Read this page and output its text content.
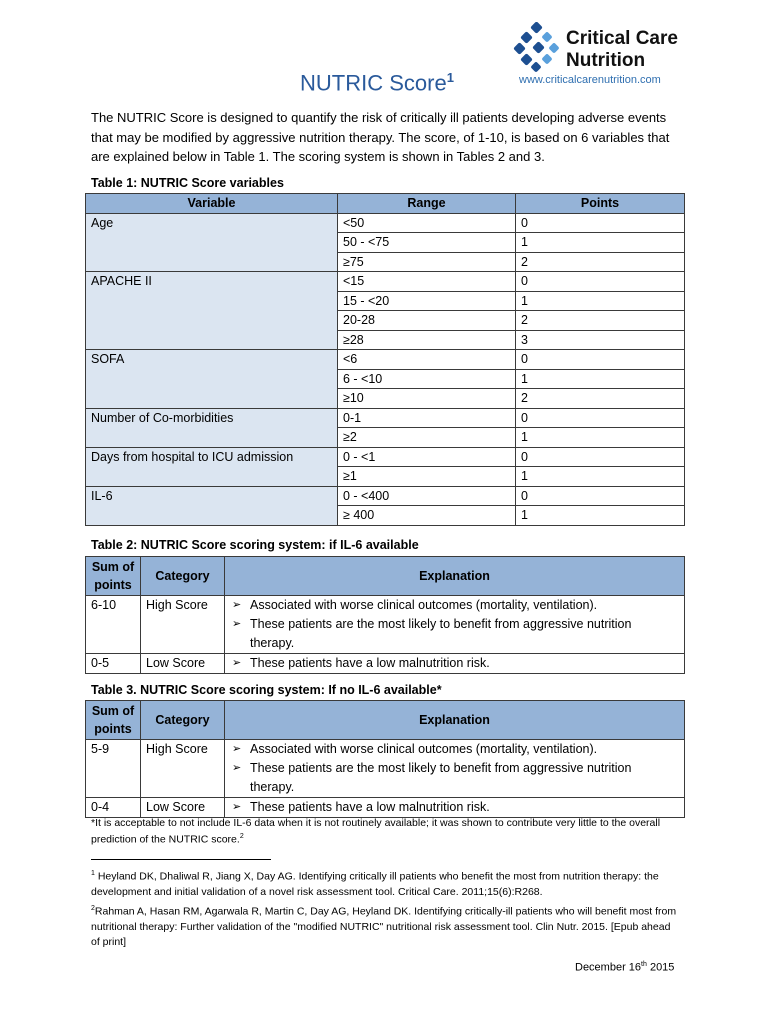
Critical Care Nutrition
www.criticalcarenutrition.com
NUTRIC Score$^1$
The NUTRIC Score is designed to quantify the risk of critically ill patients developing adverse events that may be modified by aggressive nutrition therapy. The score, of 1-10, is based on 6 variables that are explained below in Table 1. The scoring system is shown in Tables 2 and 3.
Table 1: NUTRIC Score variables
Variable	Range	Points
Age	<50	0
	50 - <75	1
	≥75	2
APACHE II	<15	0
	15 - <20	1
	20-28	2
	≥28	3
SOFA	<6	0
	6 - <10	1
	≥10	2
Number of Co-morbidities	0-1	0
	≥2	1
Days from hospital to ICU admission	0 - <1	0
	≥1	1
IL-6	0 - <400	0
	≥ 400	1
Table 2: NUTRIC Score scoring system: if IL-6 available
Sum of points	Category	Explanation
6-10	High Score	➢ Associated with worse clinical outcomes (mortality, ventilation).
➢ These patients are the most likely to benefit from aggressive nutrition therapy.

0-5	Low Score	➢ These patients have a low malnutrition risk.
Table 3. NUTRIC Score scoring system: If no IL-6 available*
Sum of points	Category	Explanation
5-9	High Score	➢ Associated with worse clinical outcomes (mortality, ventilation).
➢ These patients are the most likely to benefit from aggressive nutrition therapy.

0-4	Low Score	➢ These patients have a low malnutrition risk.
*It is acceptable to not include IL-6 data when it is not routinely available; it was shown to contribute very little to the overall prediction of the NUTRIC score.$^2$
$^1$ Heyland DK, Dhaliwal R, Jiang X, Day AG. Identifying critically ill patients who benefit the most from nutrition therapy: the development and initial validation of a novel risk assessment tool. Critical Care. 2011;15(6):R268.
$^2$Rahman A, Hasan RM, Agarwala R, Martin C, Day AG, Heyland DK. Identifying critically-ill patients who will benefit most from nutritional therapy: Further validation of the "modified NUTRIC" nutritional risk assessment tool. Clin Nutr. 2015. [Epub ahead of print]
December 16th 2015
